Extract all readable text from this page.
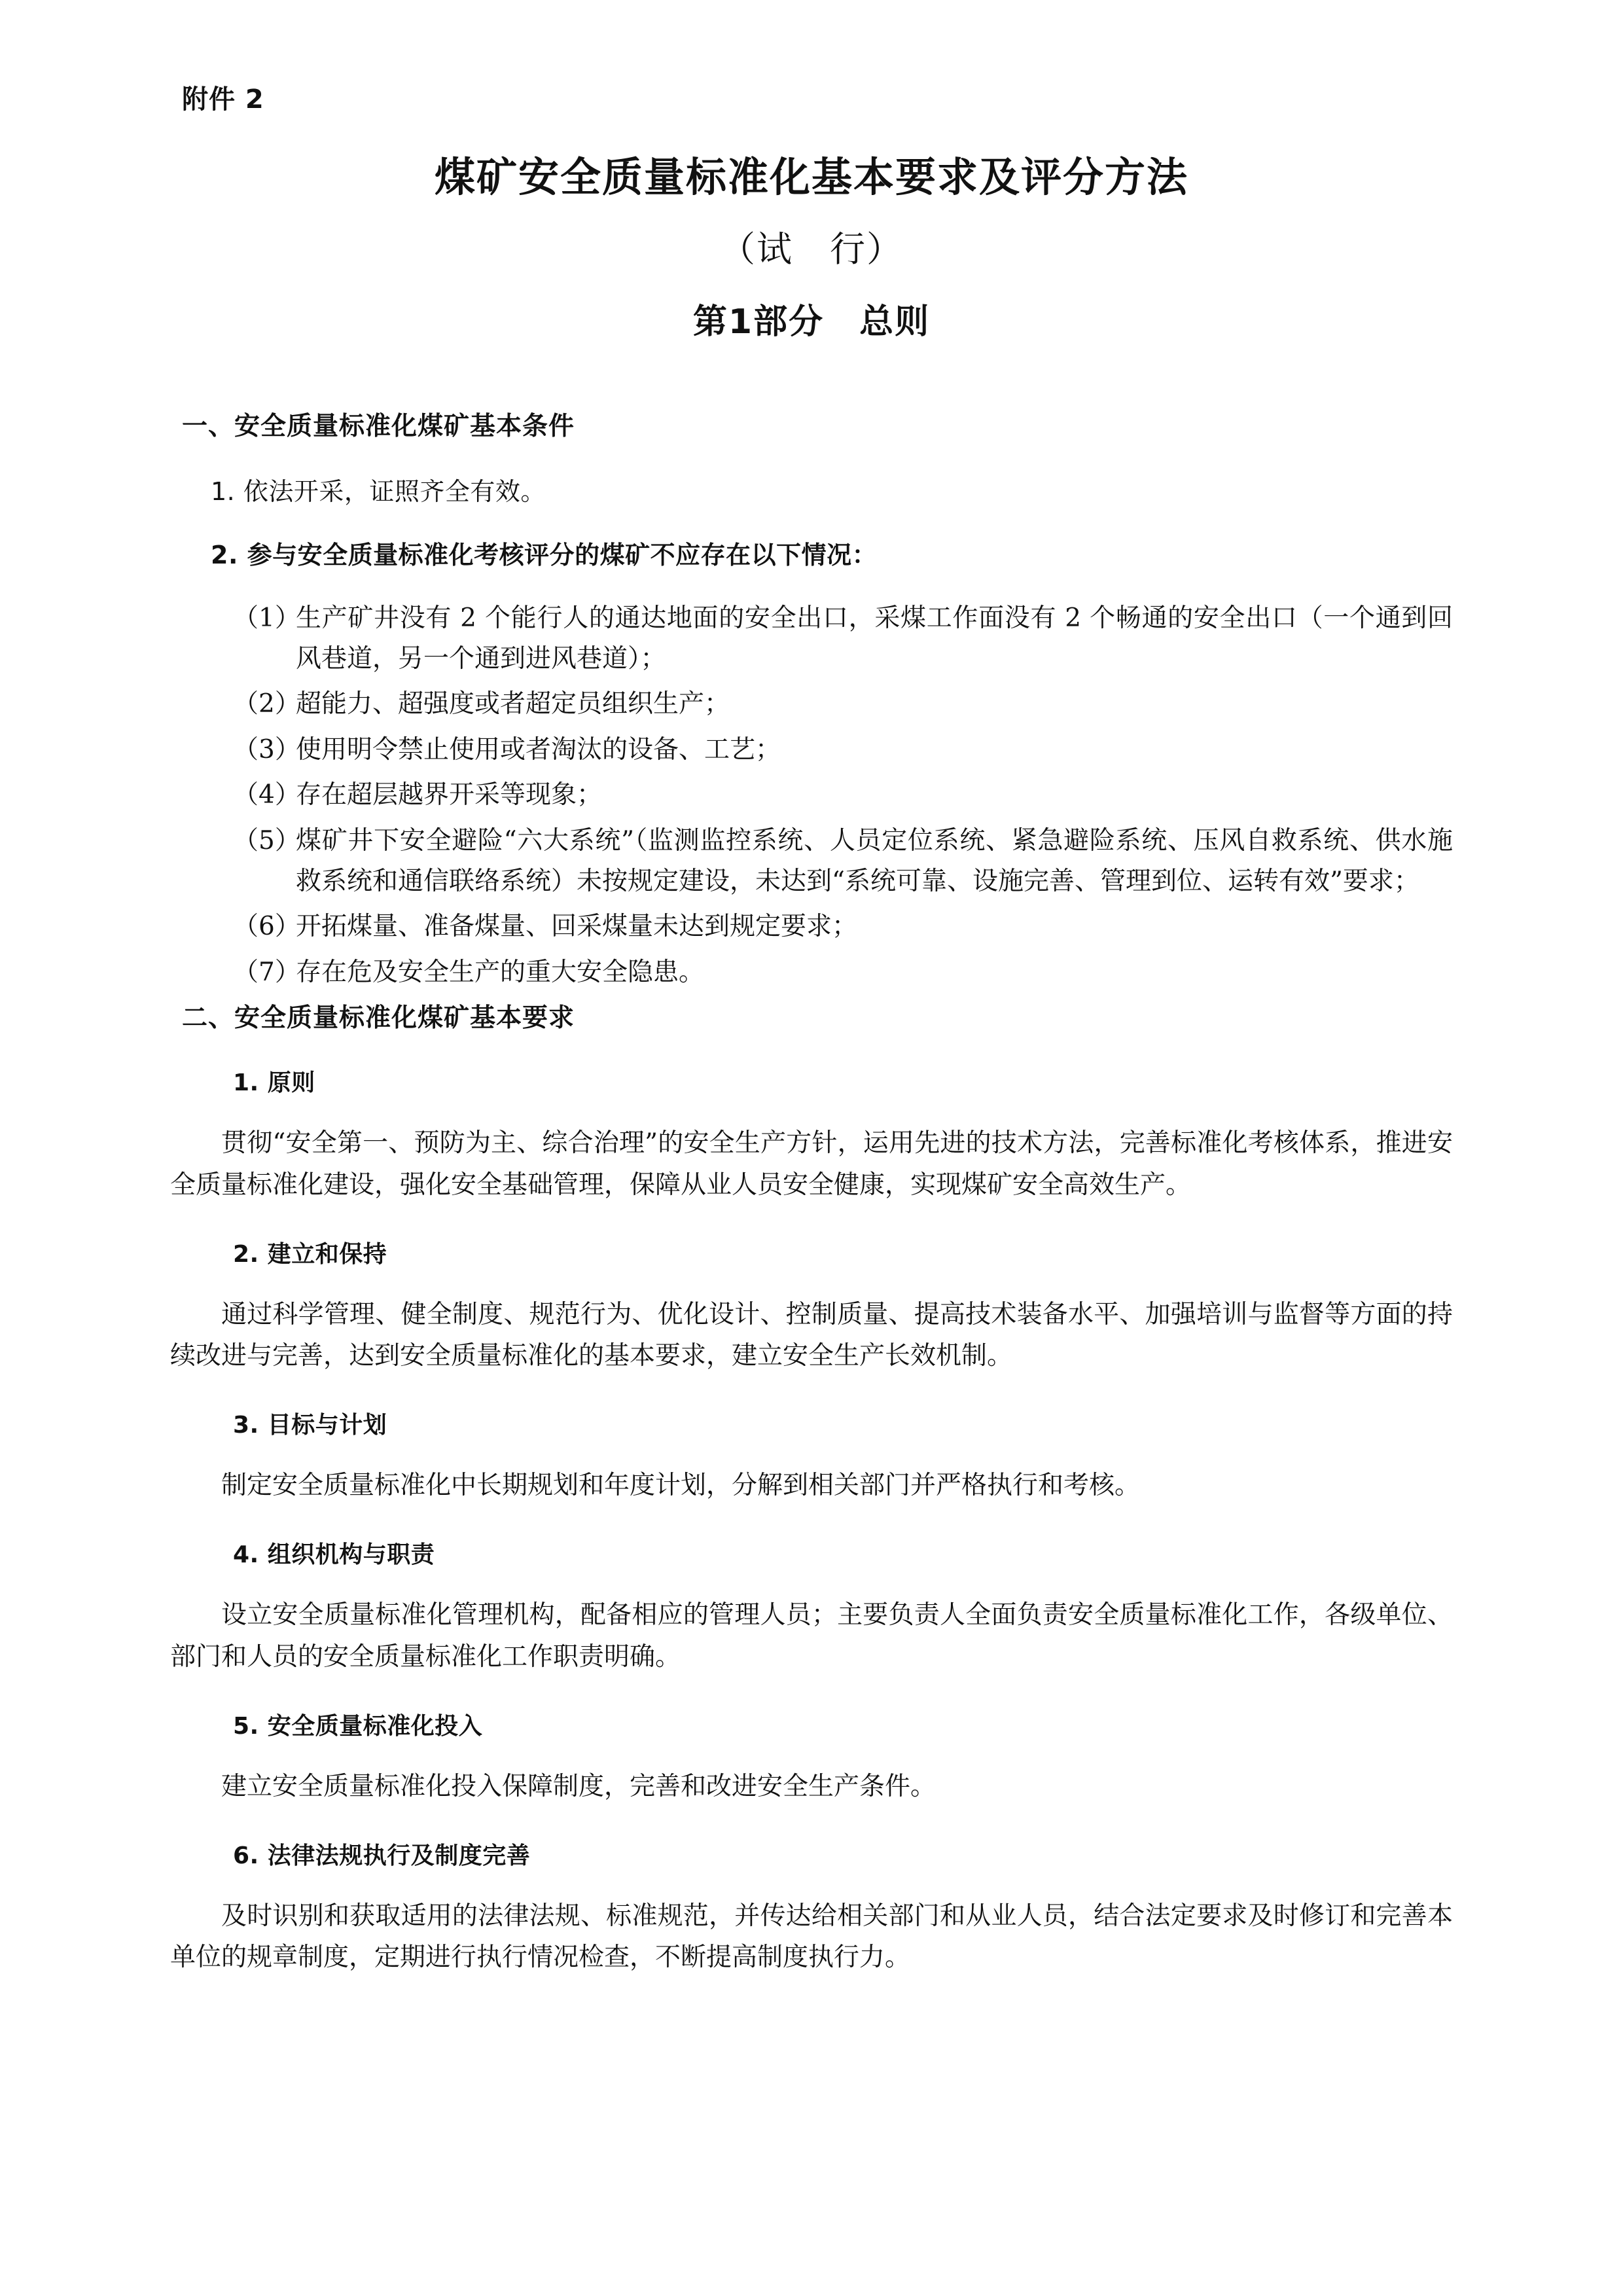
附件 2
煤矿安全质量标准化基本要求及评分方法
（试　行）
第1部分　总则
一、安全质量标准化煤矿基本条件

1. 依法开采，证照齐全有效。

2. 参与安全质量标准化考核评分的煤矿不应存在以下情况：

（1）
生产矿井没有 2 个能行人的通达地面的安全出口，采煤工作面没有 2 个畅通的安全出口（一个通到回风巷道，另一个通到进风巷道）；
（2）
超能力、超强度或者超定员组织生产；
（3）
使用明令禁止使用或者淘汰的设备、工艺；
（4）
存在超层越界开采等现象；
（5）
煤矿井下安全避险“六大系统”（监测监控系统、人员定位系统、紧急避险系统、压风自救系统、供水施救系统和通信联络系统）未按规定建设，未达到“系统可靠、设施完善、管理到位、运转有效”要求；
（6）
开拓煤量、准备煤量、回采煤量未达到规定要求；
（7）
存在危及安全生产的重大安全隐患。
二、安全质量标准化煤矿基本要求
1. 原则

贯彻“安全第一、预防为主、综合治理”的安全生产方针，运用先进的技术方法，完善标准化考核体系，推进安全质量标准化建设，强化安全基础管理，保障从业人员安全健康，实现煤矿安全高效生产。

2. 建立和保持

通过科学管理、健全制度、规范行为、优化设计、控制质量、提高技术装备水平、加强培训与监督等方面的持续改进与完善，达到安全质量标准化的基本要求，建立安全生产长效机制。

3. 目标与计划

制定安全质量标准化中长期规划和年度计划，分解到相关部门并严格执行和考核。

4. 组织机构与职责

设立安全质量标准化管理机构，配备相应的管理人员；主要负责人全面负责安全质量标准化工作，各级单位、部门和人员的安全质量标准化工作职责明确。

5. 安全质量标准化投入

建立安全质量标准化投入保障制度，完善和改进安全生产条件。

6. 法律法规执行及制度完善

及时识别和获取适用的法律法规、标准规范，并传达给相关部门和从业人员，结合法定要求及时修订和完善本单位的规章制度，定期进行执行情况检查，不断提高制度执行力。
